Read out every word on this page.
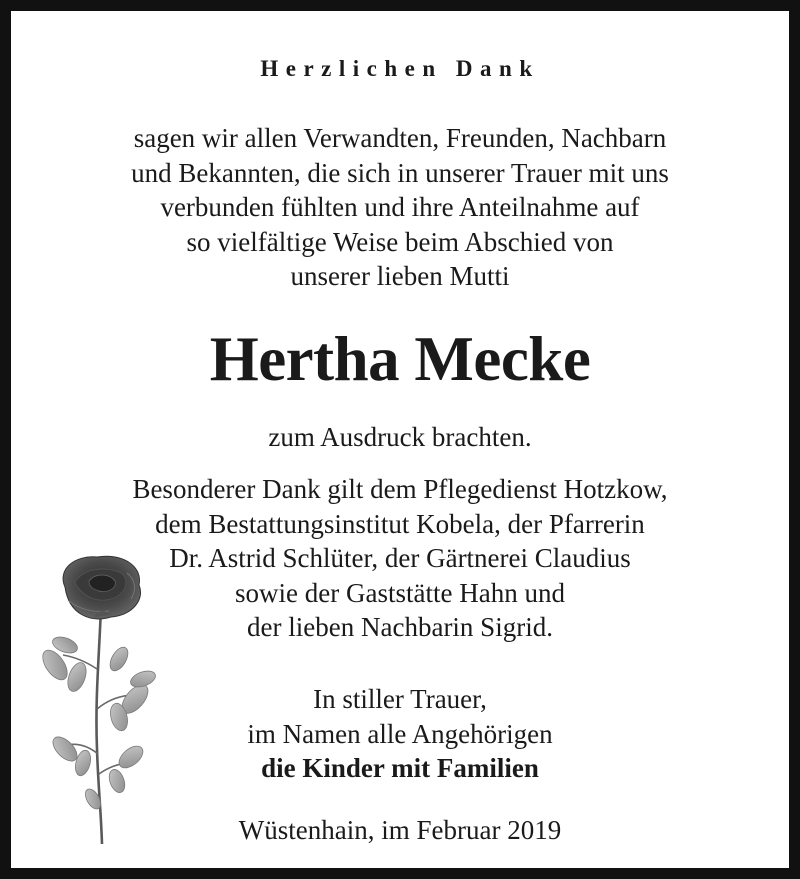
Herzlichen Dank
sagen wir allen Verwandten, Freunden, Nachbarn
und Bekannten, die sich in unserer Trauer mit uns
verbunden fühlten und ihre Anteilnahme auf
so vielfältige Weise beim Abschied von
unserer lieben Mutti
Hertha Mecke
zum Ausdruck brachten.
Besonderer Dank gilt dem Pflegedienst Hotzkow,
dem Bestattungsinstitut Kobela, der Pfarrerin
Dr. Astrid Schlüter, der Gärtnerei Claudius
sowie der Gaststätte Hahn und
der lieben Nachbarin Sigrid.
In stiller Trauer,
im Namen alle Angehörigen
die Kinder mit Familien
Wüstenhain, im Februar 2019
